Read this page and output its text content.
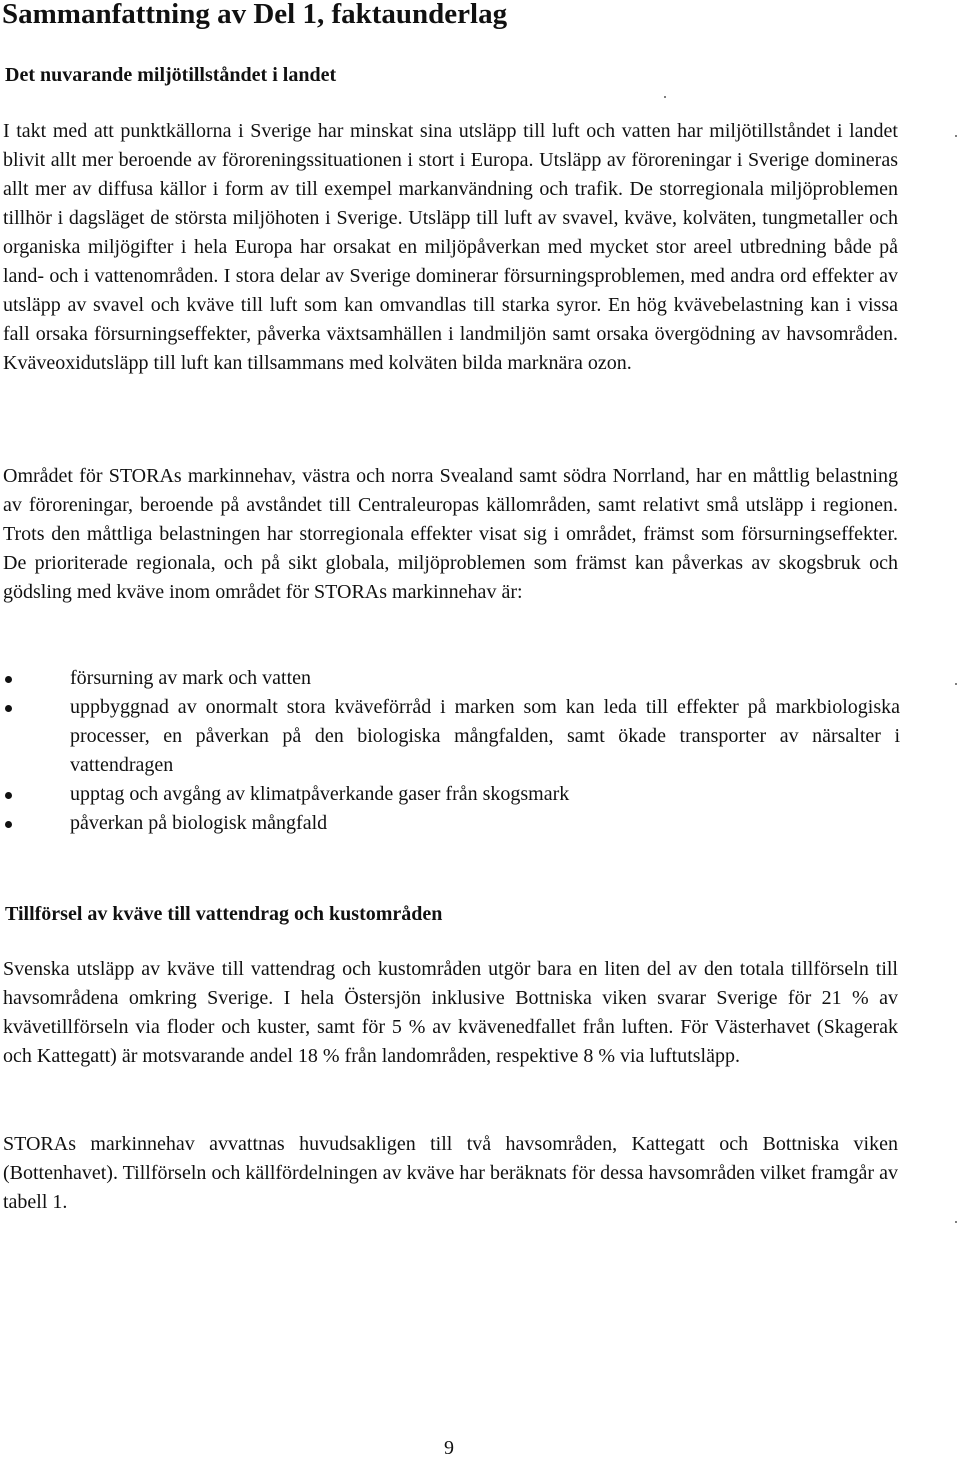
Sammanfattning av Del 1, faktaunderlag
Det nuvarande miljötillståndet i landet

I takt med att punktkällorna i Sverige har minskat sina utsläpp till luft och vatten har miljötillståndet i landet blivit allt mer beroende av föroreningssituationen i stort i Europa. Utsläpp av föroreningar i Sverige domineras allt mer av diffusa källor i form av till exempel markanvändning och trafik. De storregionala miljöproblemen tillhör i dagsläget de största miljöhoten i Sverige. Utsläpp till luft av svavel, kväve, kolväten, tungmetaller och organiska miljögifter i hela Europa har orsakat en miljöpåverkan med mycket stor areel utbredning både på land- och i vattenområden. I stora delar av Sverige dominerar försurningsproblemen, med andra ord effekter av utsläpp av svavel och kväve till luft som kan omvandlas till starka syror. En hög kvävebelastning kan i vissa fall orsaka försurningseffekter, påverka växtsamhällen i landmiljön samt orsaka övergödning av havsområden. Kväveoxidutsläpp till luft kan tillsammans med kolväten bilda marknära ozon.

Området för STORAs markinnehav, västra och norra Svealand samt södra Norrland, har en måttlig belastning av föroreningar, beroende på avståndet till Centraleuropas källområden, samt relativt små utsläpp i regionen. Trots den måttliga belastningen har storregionala effekter visat sig i området, främst som försurningseffekter. De prioriterade regionala, och på sikt globala, miljöproblemen som främst kan påverkas av skogsbruk och gödsling med kväve inom området för STORAs markinnehav är:

försurning av mark och vatten
uppbyggnad av onormalt stora kväveförråd i marken som kan leda till effekter på markbiologiska processer, en påverkan på den biologiska mångfalden, samt ökade transporter av närsalter i vattendragen
upptag och avgång av klimatpåverkande gaser från skogsmark
påverkan på biologisk mångfald
Tillförsel av kväve till vattendrag och kustområden

Svenska utsläpp av kväve till vattendrag och kustområden utgör bara en liten del av den totala tillförseln till havsområdena omkring Sverige. I hela Östersjön inklusive Bottniska viken svarar Sverige för 21 % av kvävetillförseln via floder och kuster, samt för 5 % av kvävenedfallet från luften. För Västerhavet (Skagerak och Kattegatt) är motsvarande andel 18 % från landområden, respektive 8 % via luftutsläpp.

STORAs markinnehav avvattnas huvudsakligen till två havsområden, Kattegatt och Bottniska viken (Bottenhavet). Tillförseln och källfördelningen av kväve har beräknats för dessa havsområden vilket framgår av tabell 1.

9
